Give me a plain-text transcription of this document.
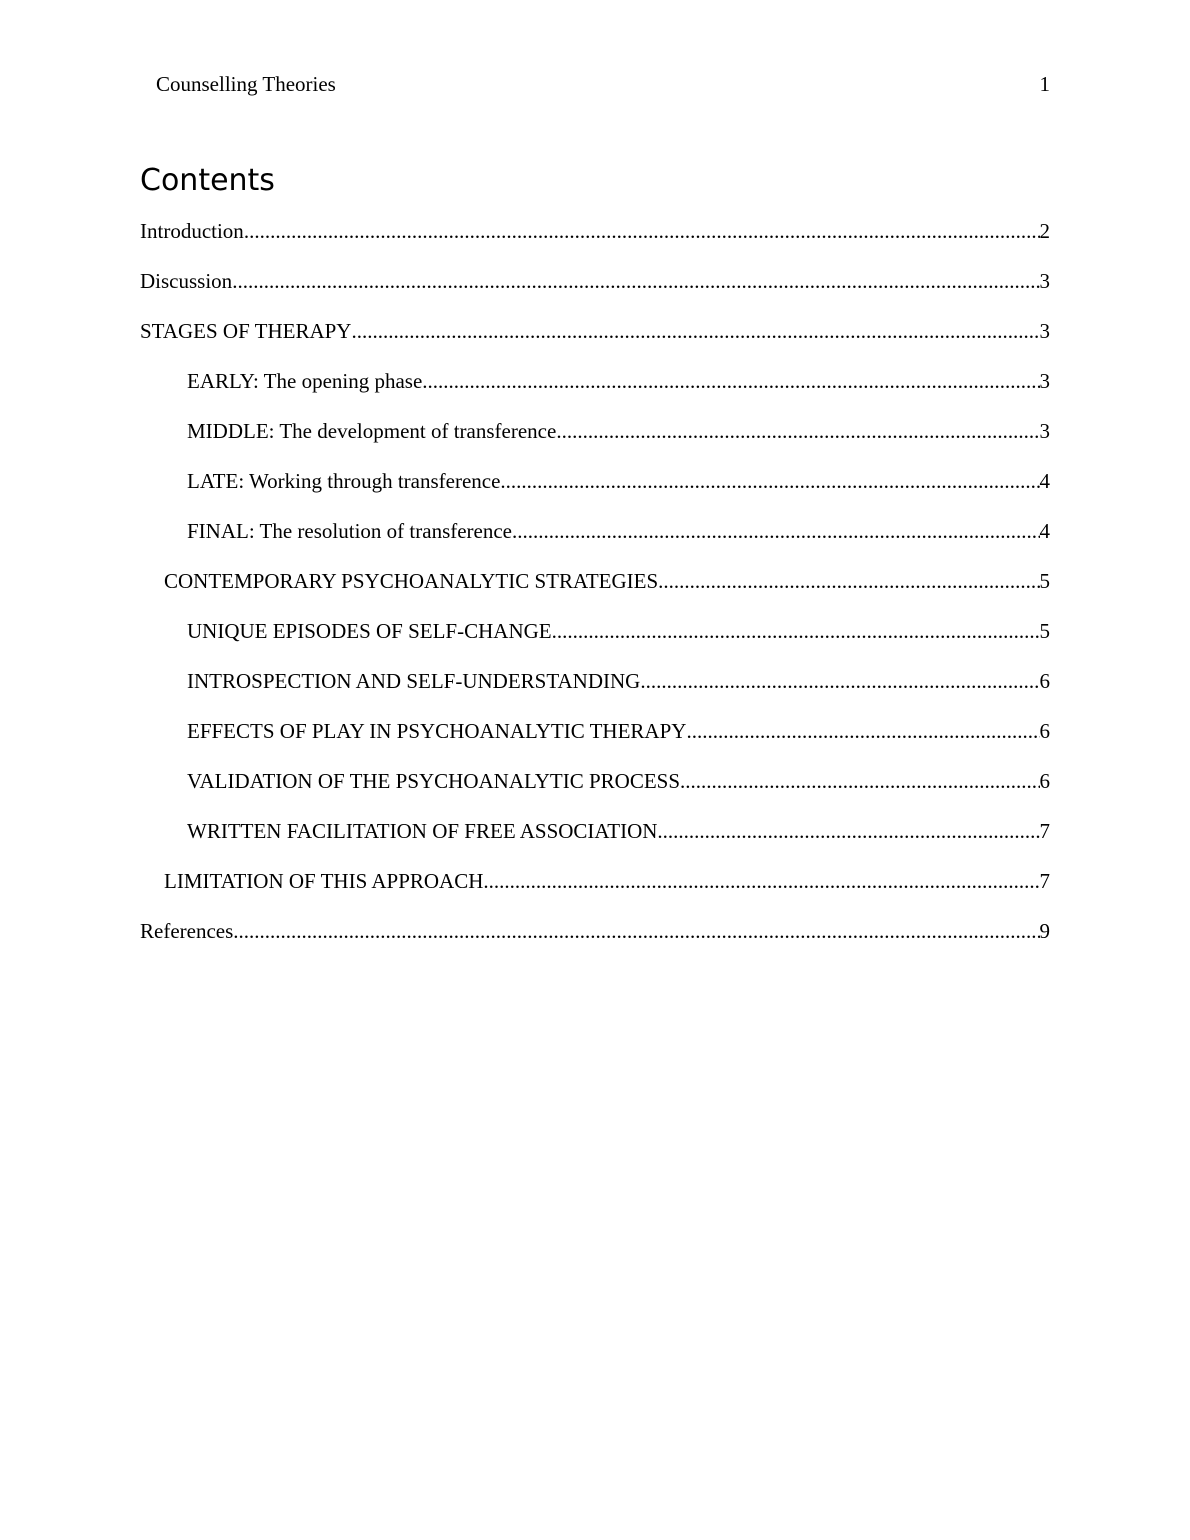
Counselling Theories	1
Contents
Introduction .....	2
Discussion .....	3
STAGES OF THERAPY .....	3
EARLY: The opening phase .....	3
MIDDLE: The development of transference .....	3
LATE: Working through transference .....	4
FINAL: The resolution of transference .....	4
CONTEMPORARY PSYCHOANALYTIC STRATEGIES .....	5
UNIQUE EPISODES OF SELF-CHANGE .....	5
INTROSPECTION AND SELF-UNDERSTANDING .....	6
EFFECTS OF PLAY IN PSYCHOANALYTIC THERAPY .....	6
VALIDATION OF THE PSYCHOANALYTIC PROCESS .....	6
WRITTEN FACILITATION OF FREE ASSOCIATION .....	7
LIMITATION OF THIS APPROACH .....	7
References .....	9
